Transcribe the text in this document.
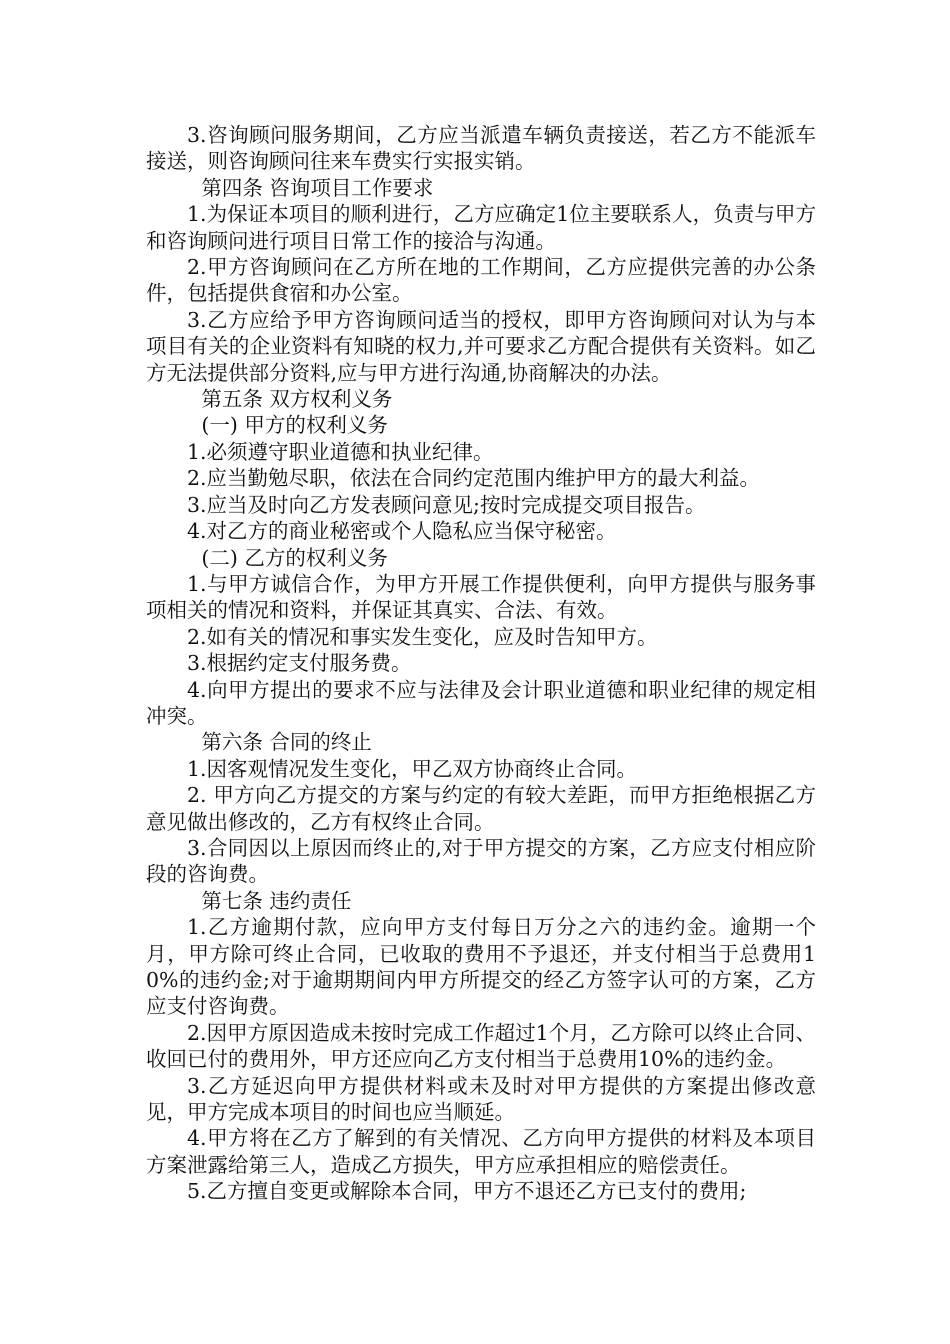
3.咨询顾问服务期间，乙方应当派遣车辆负责接送，若乙方不能派车接送，则咨询顾问往来车费实行实报实销。

第四条 咨询项目工作要求

1.为保证本项目的顺利进行，乙方应确定1位主要联系人，负责与甲方和咨询顾问进行项目日常工作的接洽与沟通。

2.甲方咨询顾问在乙方所在地的工作期间，乙方应提供完善的办公条件，包括提供食宿和办公室。

3.乙方应给予甲方咨询顾问适当的授权，即甲方咨询顾问对认为与本项目有关的企业资料有知晓的权力,并可要求乙方配合提供有关资料。如乙方无法提供部分资料,应与甲方进行沟通,协商解决的办法。

第五条 双方权利义务

(一) 甲方的权利义务

1.必须遵守职业道德和执业纪律。

2.应当勤勉尽职，依法在合同约定范围内维护甲方的最大利益。

3.应当及时向乙方发表顾问意见;按时完成提交项目报告。

4.对乙方的商业秘密或个人隐私应当保守秘密。

(二) 乙方的权利义务

1.与甲方诚信合作，为甲方开展工作提供便利，向甲方提供与服务事项相关的情况和资料，并保证其真实、合法、有效。

2.如有关的情况和事实发生变化，应及时告知甲方。

3.根据约定支付服务费。

4.向甲方提出的要求不应与法律及会计职业道德和职业纪律的规定相冲突。

第六条 合同的终止

1.因客观情况发生变化，甲乙双方协商终止合同。

2. 甲方向乙方提交的方案与约定的有较大差距，而甲方拒绝根据乙方意见做出修改的，乙方有权终止合同。

3.合同因以上原因而终止的,对于甲方提交的方案，乙方应支付相应阶段的咨询费。

第七条 违约责任

1.乙方逾期付款，应向甲方支付每日万分之六的违约金。逾期一个月，甲方除可终止合同，已收取的费用不予退还，并支付相当于总费用10%的违约金;对于逾期期间内甲方所提交的经乙方签字认可的方案，乙方应支付咨询费。

2.因甲方原因造成未按时完成工作超过1个月，乙方除可以终止合同、收回已付的费用外，甲方还应向乙方支付相当于总费用10%的违约金。

3.乙方延迟向甲方提供材料或未及时对甲方提供的方案提出修改意见，甲方完成本项目的时间也应当顺延。

4.甲方将在乙方了解到的有关情况、乙方向甲方提供的材料及本项目方案泄露给第三人，造成乙方损失，甲方应承担相应的赔偿责任。

5.乙方擅自变更或解除本合同，甲方不退还乙方已支付的费用;
